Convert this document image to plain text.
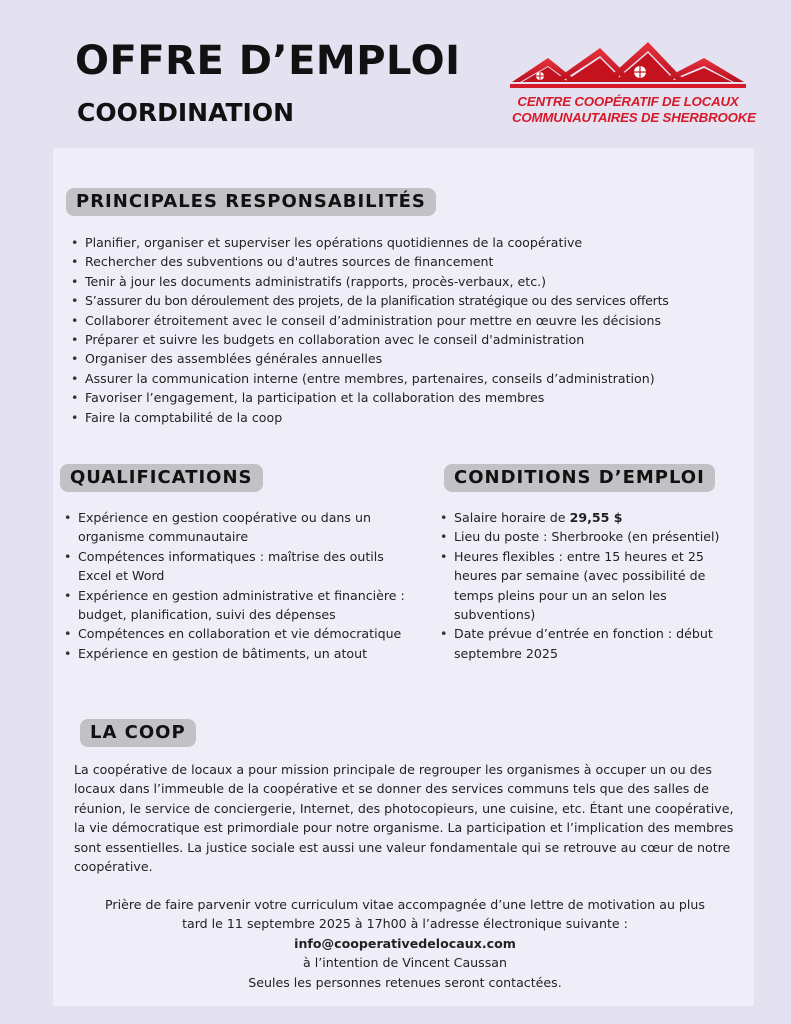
OFFRE D’EMPLOI
COORDINATION	CENTRE COOPÉRATIF DE LOCAUX
COMMUNAUTAIRES DE SHERBROOKE
PRINCIPALES RESPONSABILITÉS
• Planifier, organiser et superviser les opérations quotidiennes de la coopérative
• Rechercher des subventions ou d'autres sources de financement
• Tenir à jour les documents administratifs (rapports, procès-verbaux, etc.)
• S’assurer du bon déroulement des projets, de la planification stratégique ou des services offerts
• Collaborer étroitement avec le conseil d’administration pour mettre en œuvre les décisions
• Préparer et suivre les budgets en collaboration avec le conseil d'administration
• Organiser des assemblées générales annuelles
• Assurer la communication interne (entre membres, partenaires, conseils d’administration)
• Favoriser l’engagement, la participation et la collaboration des membres
• Faire la comptabilité de la coop
QUALIFICATIONS
• Expérience en gestion coopérative ou dans un organisme communautaire
• Compétences informatiques : maîtrise des outils Excel et Word
• Expérience en gestion administrative et financière : budget, planification, suivi des dépenses
• Compétences en collaboration et vie démocratique
• Expérience en gestion de bâtiments, un atout
CONDITIONS D’EMPLOI
• Salaire horaire de 29,55 $
• Lieu du poste : Sherbrooke (en présentiel)
• Heures flexibles : entre 15 heures et 25 heures par semaine (avec possibilité de temps pleins pour un an selon les subventions)
• Date prévue d’entrée en fonction : début septembre 2025
LA COOP

La coopérative de locaux a pour mission principale de regrouper les organismes à occuper un ou des locaux dans l’immeuble de la coopérative et se donner des services communs tels que des salles de réunion, le service de conciergerie, Internet, des photocopieurs, une cuisine, etc. Étant une coopérative, la vie démocratique est primordiale pour notre organisme. La participation et l’implication des membres sont essentielles. La justice sociale est aussi une valeur fondamentale qui se retrouve au cœur de notre coopérative.

Prière de faire parvenir votre curriculum vitae accompagnée d’une lettre de motivation au plus
tard le 11 septembre 2025 à 17h00 à l’adresse électronique suivante :
info@cooperativedelocaux.com
à l’intention de Vincent Caussan
Seules les personnes retenues seront contactées.
